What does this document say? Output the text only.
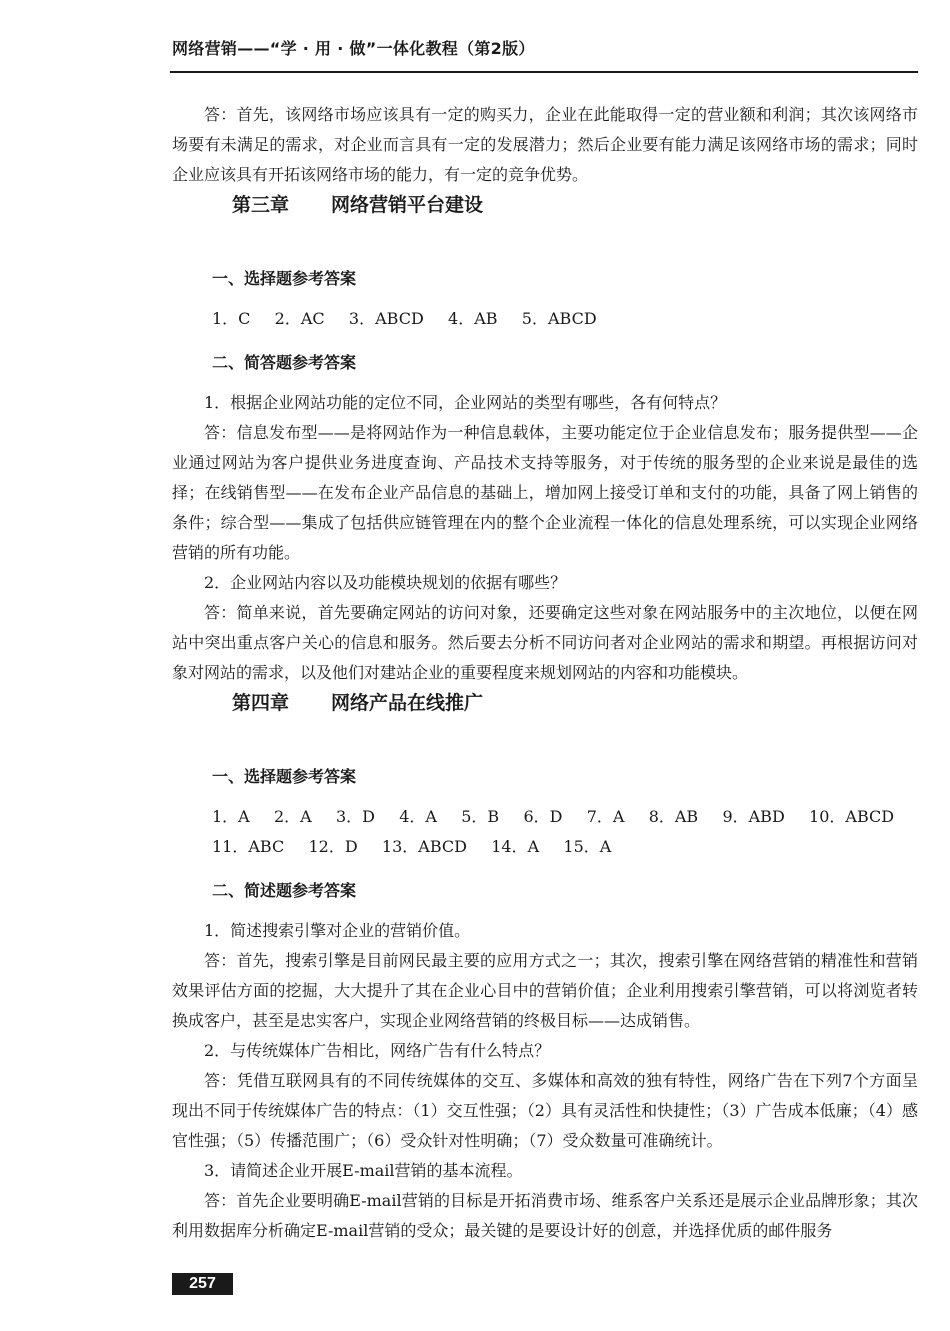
网络营销——“学 · 用 · 做”一体化教程（第2版）

答：首先，该网络市场应该具有一定的购买力，企业在此能取得一定的营业额和利润；其次该网络市场要有未满足的需求，对企业而言具有一定的发展潜力；然后企业要有能力满足该网络市场的需求；同时企业应该具有开拓该网络市场的能力，有一定的竞争优势。

第三章 网络营销平台建设
一、选择题参考答案
1．C   2．AC   3．ABCD   4．AB   5．ABCD
二、简答题参考答案

1．根据企业网站功能的定位不同，企业网站的类型有哪些，各有何特点？

答：信息发布型——是将网站作为一种信息载体，主要功能定位于企业信息发布；服务提供型——企业通过网站为客户提供业务进度查询、产品技术支持等服务，对于传统的服务型的企业来说是最佳的选择；在线销售型——在发布企业产品信息的基础上，增加网上接受订单和支付的功能，具备了网上销售的条件；综合型——集成了包括供应链管理在内的整个企业流程一体化的信息处理系统，可以实现企业网络营销的所有功能。

2．企业网站内容以及功能模块规划的依据有哪些？

答：简单来说，首先要确定网站的访问对象，还要确定这些对象在网站服务中的主次地位，以便在网站中突出重点客户关心的信息和服务。然后要去分析不同访问者对企业网站的需求和期望。再根据访问对象对网站的需求，以及他们对建站企业的重要程度来规划网站的内容和功能模块。

第四章 网络产品在线推广
一、选择题参考答案
1．A   2．A   3．D   4．A   5．B   6．D   7．A   8．AB   9．ABD   10．ABCD
11．ABC   12．D   13．ABCD   14．A   15．A
二、简述题参考答案

1．简述搜索引擎对企业的营销价值。

答：首先，搜索引擎是目前网民最主要的应用方式之一；其次，搜索引擎在网络营销的精准性和营销效果评估方面的挖掘，大大提升了其在企业心目中的营销价值；企业利用搜索引擎营销，可以将浏览者转换成客户，甚至是忠实客户，实现企业网络营销的终极目标——达成销售。

2．与传统媒体广告相比，网络广告有什么特点？

答：凭借互联网具有的不同传统媒体的交互、多媒体和高效的独有特性，网络广告在下列7个方面呈现出不同于传统媒体广告的特点：（1）交互性强；（2）具有灵活性和快捷性；（3）广告成本低廉；（4）感官性强；（5）传播范围广；（6）受众针对性明确；（7）受众数量可准确统计。

3．请简述企业开展E-mail营销的基本流程。

答：首先企业要明确E-mail营销的目标是开拓消费市场、维系客户关系还是展示企业品牌形象；其次利用数据库分析确定E-mail营销的受众；最关键的是要设计好的创意，并选择优质的邮件服务

257
